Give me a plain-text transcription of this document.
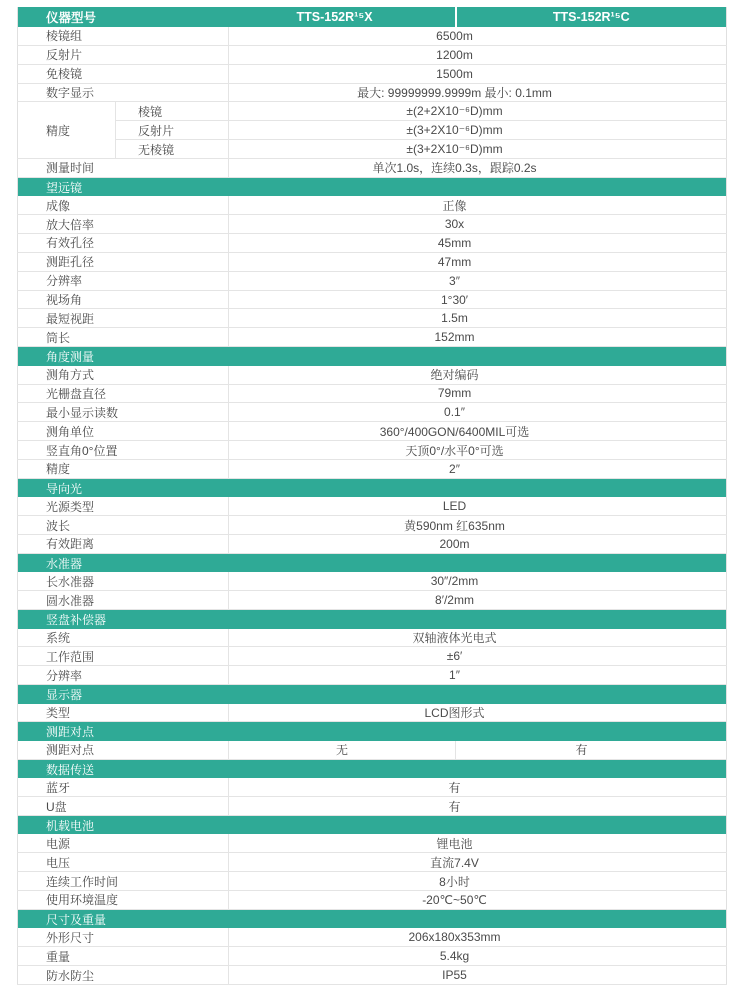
仪器型号		TTS-152R¹⁵X	TTS-152R¹⁵C
棱镜组		6500m	
反射片		1200m	
免棱镜		1500m	
数字显示		最大: 99999999.9999m 最小: 0.1mm	
精度	棱镜	±(2+2X10⁻⁶D)mm	
	反射片	±(3+2X10⁻⁶D)mm	
	无棱镜	±(3+2X10⁻⁶D)mm	
测量时间		单次1.0s，连续0.3s，跟踪0.2s	
望远镜			
成像		正像	
放大倍率		30x	
有效孔径		45mm	
测距孔径		47mm	
分辨率		3″	
视场角		1°30′	
最短视距		1.5m	
筒长		152mm	
角度测量			
测角方式		绝对编码	
光栅盘直径		79mm	
最小显示读数		0.1″	
测角单位		360°/400GON/6400MIL可选	
竖直角0°位置		天顶0°/水平0°可选	
精度		2″	
导向光			
光源类型		LED	
波长		黄590nm 红635nm	
有效距离		200m	
水准器			
长水准器		30″/2mm	
圆水准器		8′/2mm	
竖盘补偿器			
系统		双轴液体光电式	
工作范围		±6′	
分辨率		1″	
显示器			
类型		LCD图形式	
测距对点			
测距对点		无	有
数据传送			
蓝牙		有	
U盘		有	
机载电池			
电源		锂电池	
电压		直流7.4V	
连续工作时间		8小时	
使用环境温度		-20℃~50℃	
尺寸及重量			
外形尺寸		206x180x353mm	
重量		5.4kg	
防水防尘		IP55	
